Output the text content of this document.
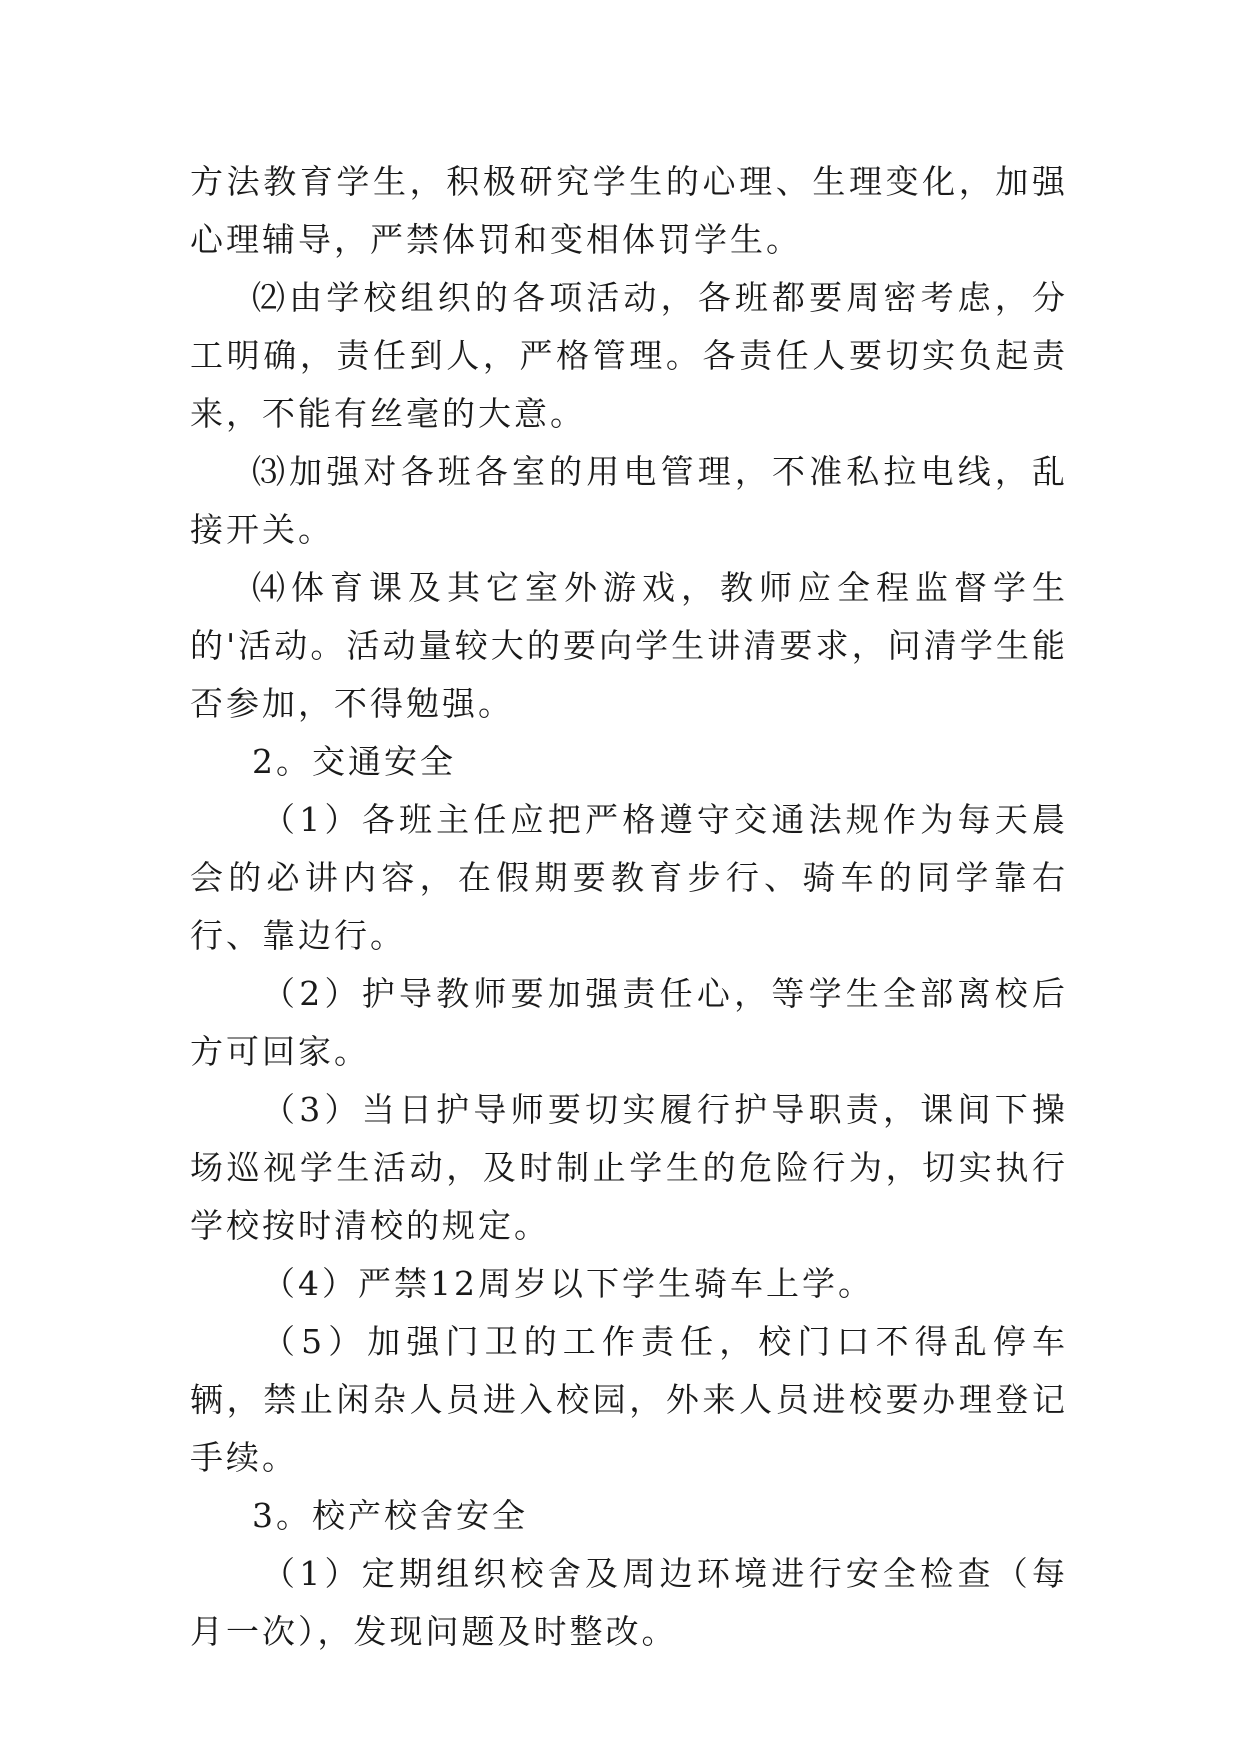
方法教育学生，积极研究学生的心理、生理变化，加强心理辅导，严禁体罚和变相体罚学生。

⑵由学校组织的各项活动，各班都要周密考虑，分工明确，责任到人，严格管理。各责任人要切实负起责来，不能有丝毫的大意。

⑶加强对各班各室的用电管理，不准私拉电线，乱接开关。

⑷体育课及其它室外游戏，教师应全程监督学生的'活动。活动量较大的要向学生讲清要求，问清学生能否参加，不得勉强。

2。交通安全

（1）各班主任应把严格遵守交通法规作为每天晨会的必讲内容，在假期要教育步行、骑车的同学靠右行、靠边行。

（2）护导教师要加强责任心，等学生全部离校后方可回家。

（3）当日护导师要切实履行护导职责，课间下操场巡视学生活动，及时制止学生的危险行为，切实执行学校按时清校的规定。

（4）严禁12周岁以下学生骑车上学。

（5）加强门卫的工作责任，校门口不得乱停车辆，禁止闲杂人员进入校园，外来人员进校要办理登记手续。

3。校产校舍安全

（1）定期组织校舍及周边环境进行安全检查（每月一次），发现问题及时整改。
